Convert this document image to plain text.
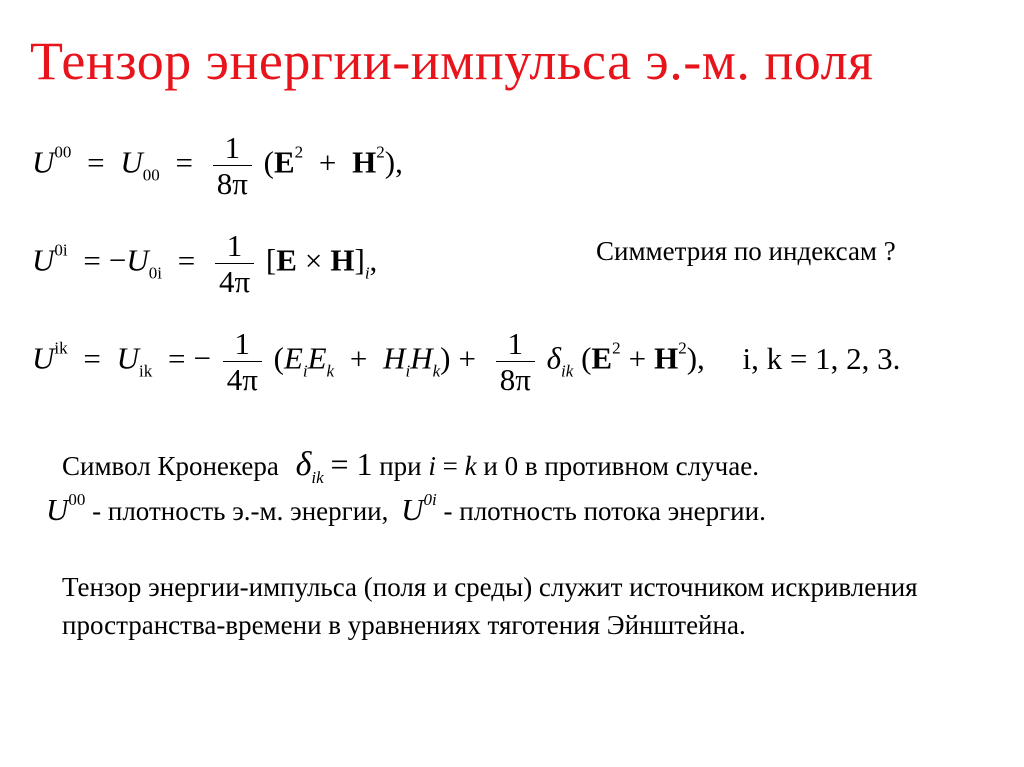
Тензор энергии-импульса э.-м. поля
$U^{00} = U_{00} = \frac{1}{8\pi} (E^2 + H^2)$,
$U^{0i} = -U_{0i} = \frac{1}{4\pi} [E \times H]_i$,	Симметрия по индексам ?
$U^{ik} = U_{ik}$ = − $\frac{1}{4\pi} (E_iE_k + H_iH_k) + \frac{1}{8\pi} \delta_{ik}$ $(E^2 + H^2)$, i, k = 1, 2, 3.
Символ Кронекера $\delta_{ik} = 1$ при i = k и 0 в противном случае.
$U^{00}$ - плотность э.-м. энергии, $U^{0i}$ - плотность потока энергии.
Тензор энергии-импульса (поля и среды) служит источником искривления пространства-времени в уравнениях тяготения Эйнштейна.
